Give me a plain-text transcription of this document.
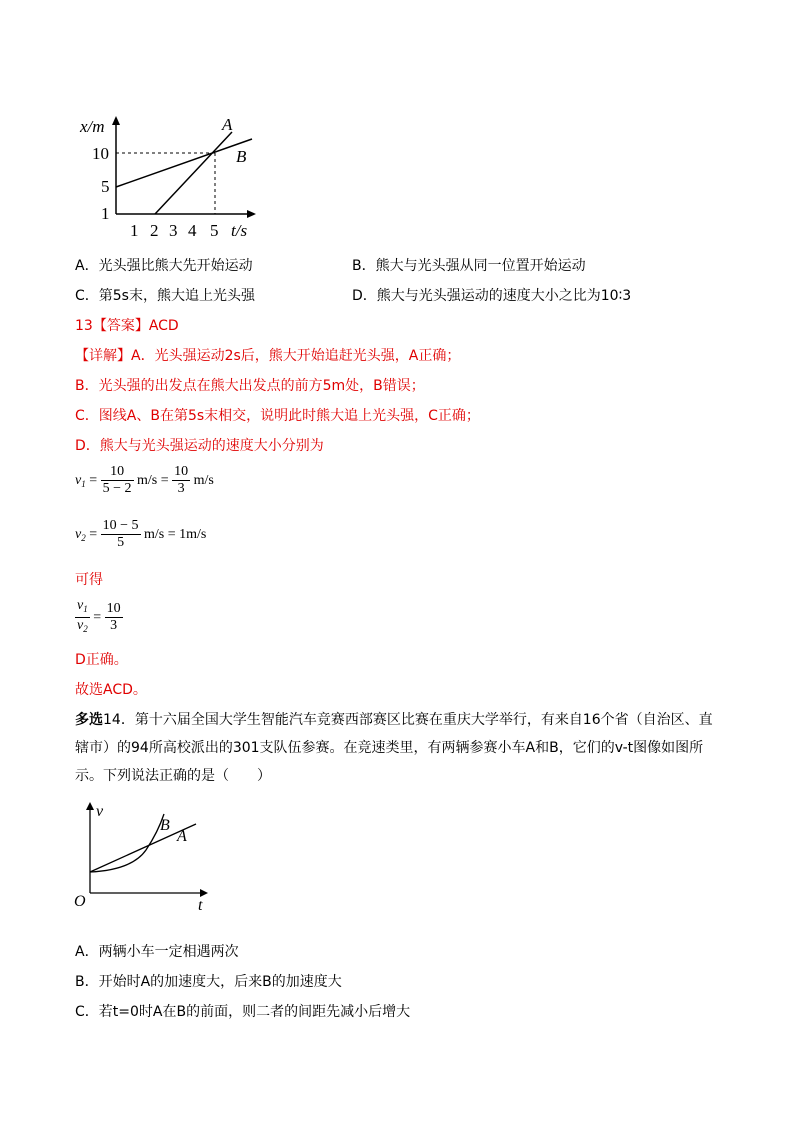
x/m
10
5
1
1 2 3 4 5 t/s
A
B
A．光头强比熊大先开始运动	B．熊大与光头强从同一位置开始运动
C．第5s末，熊大追上光头强	D．熊大与光头强运动的速度大小之比为10∶3
13【答案】ACD
【详解】A．光头强运动2s后，熊大开始追赶光头强，A正确；
B．光头强的出发点在熊大出发点的前方5m处，B错误；
C．图线A、B在第5s末相交，说明此时熊大追上光头强，C正确；
D．熊大与光头强运动的速度大小分别为
$v_1 = \frac{10}{5 - 2} m/s = \frac{10}{3} m/s$
$v_2 = \frac{10 - 5}{5} m/s = 1m/s$
可得
$\frac{v_1}{v_2} = \frac{10}{3}$
D正确。
故选ACD。
多选14．第十六届全国大学生智能汽车竞赛西部赛区比赛在重庆大学举行，有来自16个省（自治区、直辖市）的94所高校派出的301支队伍参赛。在竞速类里，有两辆参赛小车A和B，它们的v-t图像如图所示。下列说法正确的是（　　）
v
O	t
B
A
A．两辆小车一定相遇两次
B．开始时A的加速度大，后来B的加速度大
C．若t=0时A在B的前面，则二者的间距先减小后增大
